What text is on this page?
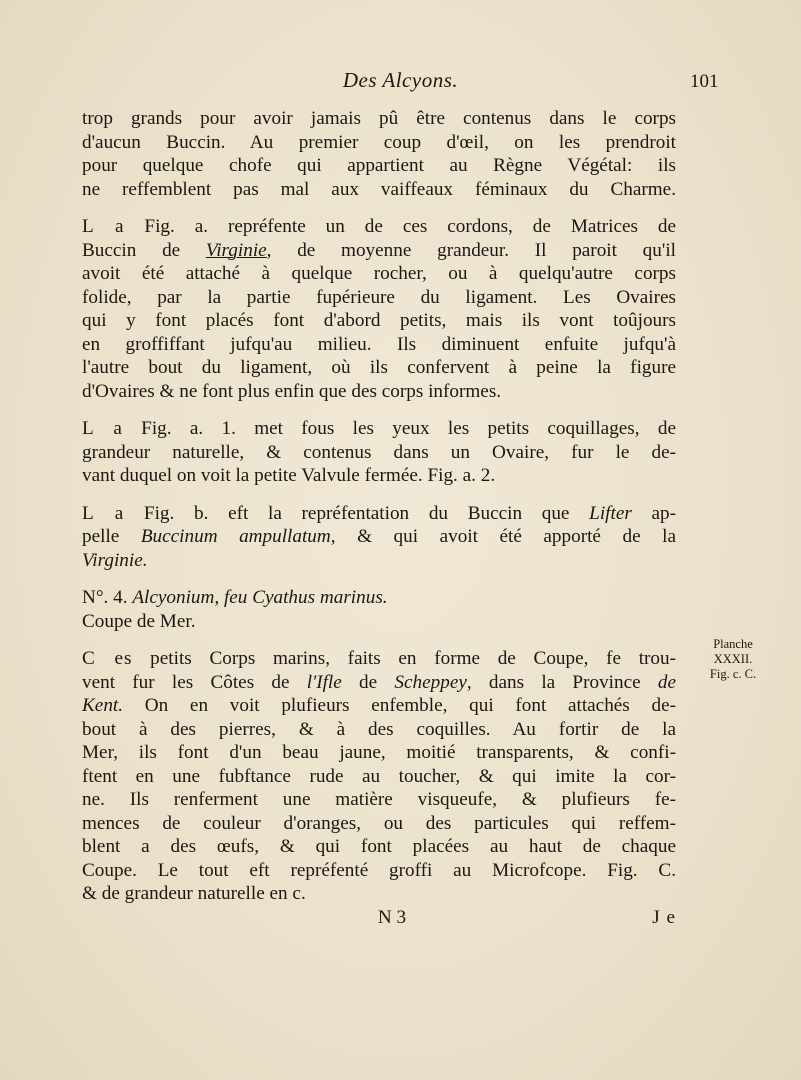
Des Alcyons.	101
trop grands pour avoir jamais pû être contenus dans le corps
d'aucun Buccin. Au premier coup d'œil, on les prendroit
pour quelque chofe qui appartient au Règne Végétal: ils
ne reffemblent pas mal aux vaiffeaux féminaux du Charme.
L a Fig. a. repréfente un de ces cordons, de Matrices de
Buccin de Virginie, de moyenne grandeur. Il paroit qu'il
avoit été attaché à quelque rocher, ou à quelqu'autre corps
folide, par la partie fupérieure du ligament. Les Ovaires
qui y font placés font d'abord petits, mais ils vont toûjours
en groffiffant jufqu'au milieu. Ils diminuent enfuite jufqu'à
l'autre bout du ligament, où ils confervent à peine la figure
d'Ovaires & ne font plus enfin que des corps informes.
L a Fig. a. 1. met fous les yeux les petits coquillages, de
grandeur naturelle, & contenus dans un Ovaire, fur le de-
vant duquel on voit la petite Valvule fermée. Fig. a. 2.
L a Fig. b. eft la repréfentation du Buccin que Lifter ap-
pelle Buccinum ampullatum, & qui avoit été apporté de la
Virginie.
N°. 4. Alcyonium, feu Cyathus marinus.
Coupe de Mer.
C es petits Corps marins, faits en forme de Coupe, fe trou-
vent fur les Côtes de l'Ifle de Scheppey, dans la Province de
Kent. On en voit plufieurs enfemble, qui font attachés de-
bout à des pierres, & à des coquilles. Au fortir de la
Mer, ils font d'un beau jaune, moitié transparents, & confi-
ftent en une fubftance rude au toucher, & qui imite la cor-
ne. Ils renferment une matière visqueufe, & plufieurs fe-
mences de couleur d'oranges, ou des particules qui reffem-
blent a des œufs, & qui font placées au haut de chaque
Coupe. Le tout eft repréfenté groffi au Microfcope. Fig. C.
& de grandeur naturelle en c.
N 3	J e
Planche
XXXII.
Fig. c. C.
